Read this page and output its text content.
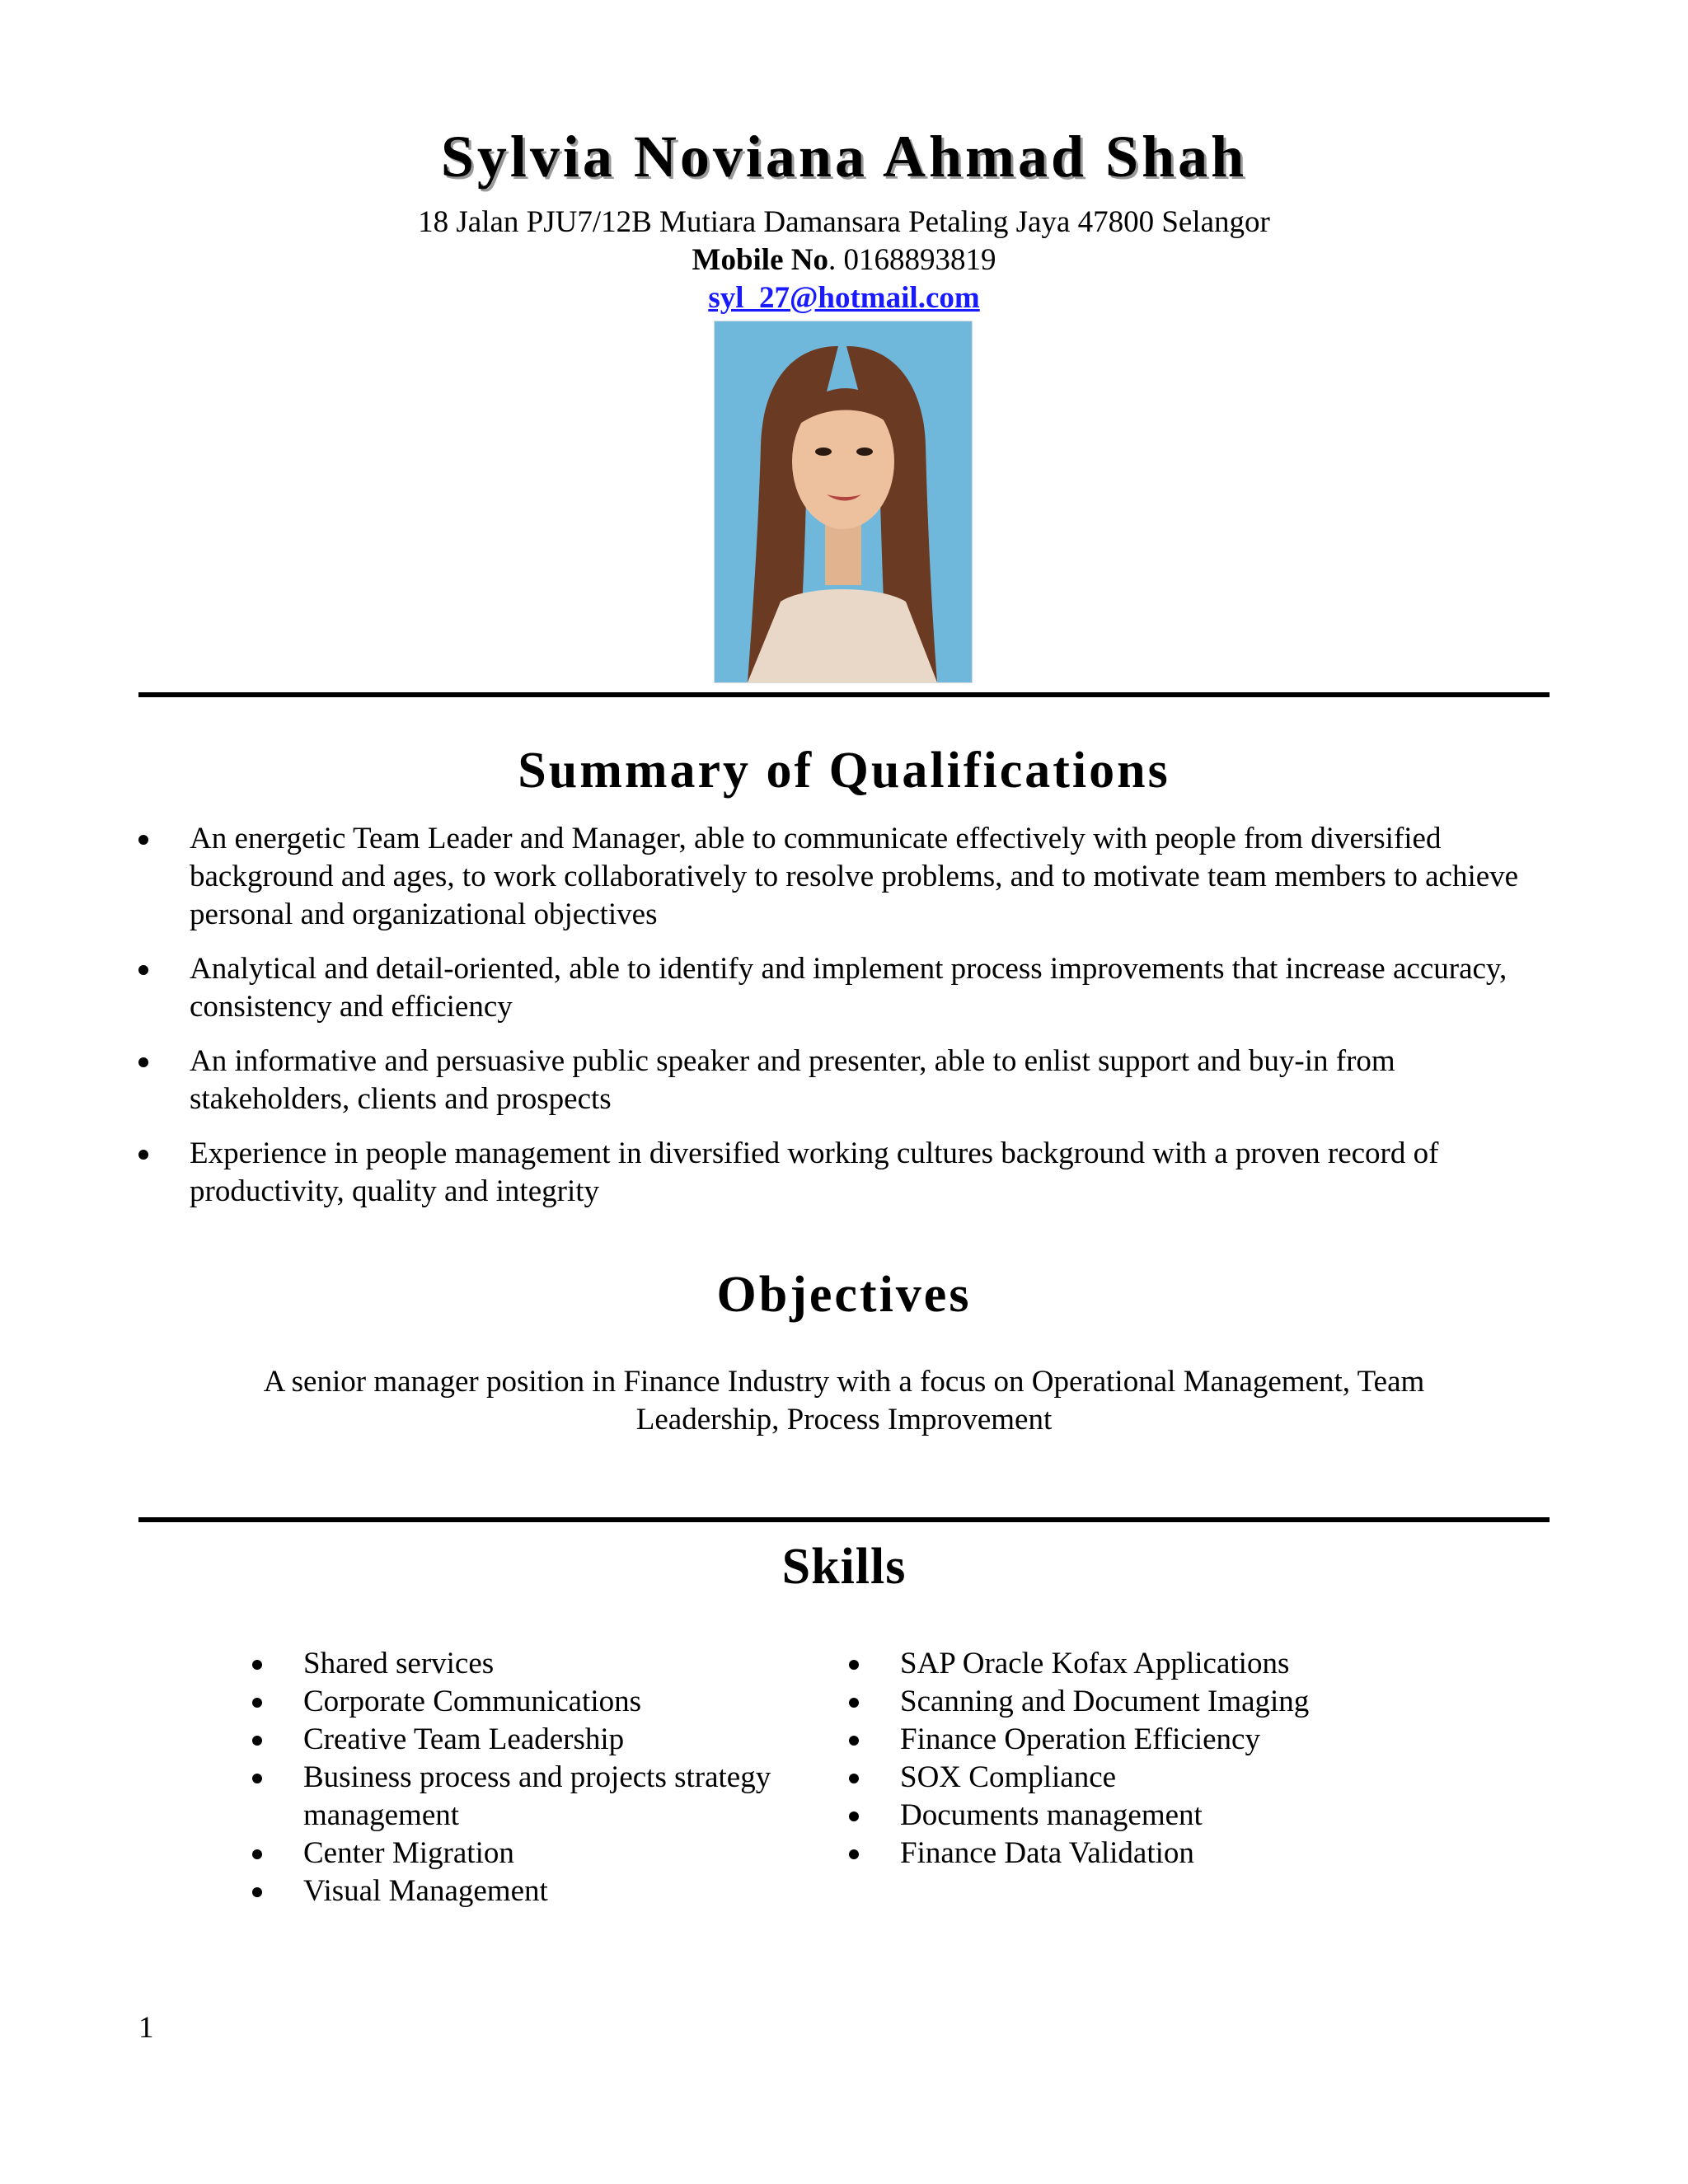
Sylvia Noviana Ahmad Shah
18 Jalan PJU7/12B Mutiara Damansara Petaling Jaya 47800 Selangor
Mobile No. 0168893819
syl_27@hotmail.com
Summary of Qualifications
An energetic Team Leader and Manager, able to communicate effectively with people from diversified background and ages, to work collaboratively to resolve problems, and to motivate team members to achieve personal and organizational objectives
Analytical and detail-oriented, able to identify and implement process improvements that increase accuracy, consistency and efficiency
An informative and persuasive public speaker and presenter, able to enlist support and buy-in from stakeholders, clients and prospects
Experience in people management in diversified working cultures background with a proven record of productivity, quality and integrity
Objectives
A senior manager position in Finance Industry with a focus on Operational Management, Team Leadership, Process Improvement
Skills
Shared services
Corporate Communications
Creative Team Leadership
Business process and projects strategy management
Center Migration
Visual Management
SAP Oracle Kofax Applications
Scanning and Document Imaging
Finance Operation Efficiency
SOX Compliance
Documents management
Finance Data Validation
1
